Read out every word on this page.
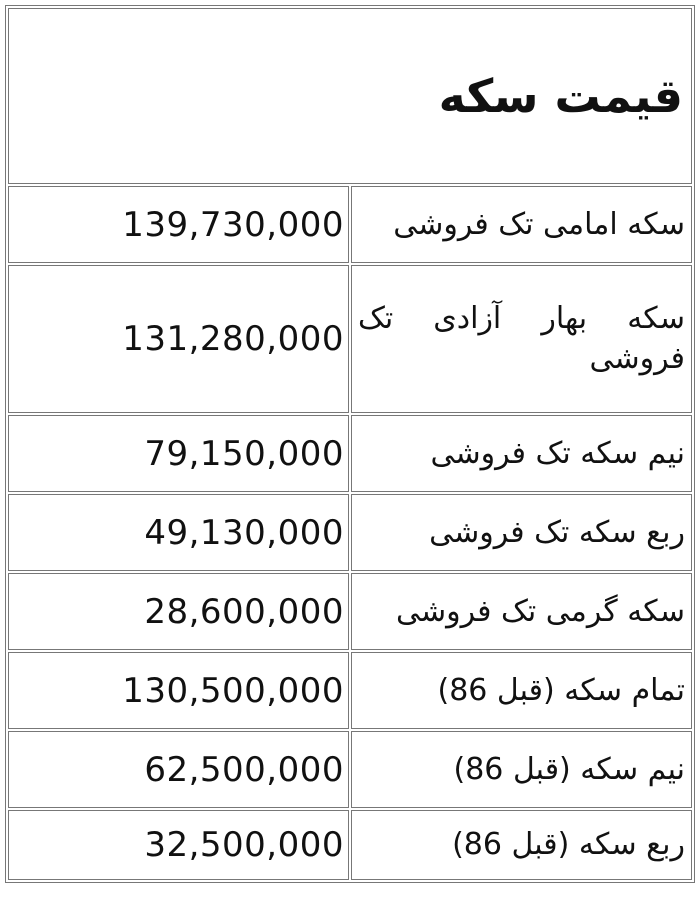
قیمت سکه	
سکه امامی تک فروشی	139,730,000
سکه بهار آزادی تک فروشی	131,280,000
نیم سکه تک فروشی	79,150,000
ربع سکه تک فروشی	49,130,000
سکه گرمی تک فروشی	28,600,000
تمام سکه (قبل 86)	130,500,000
نیم سکه (قبل 86)	62,500,000
ربع سکه (قبل 86)	32,500,000
